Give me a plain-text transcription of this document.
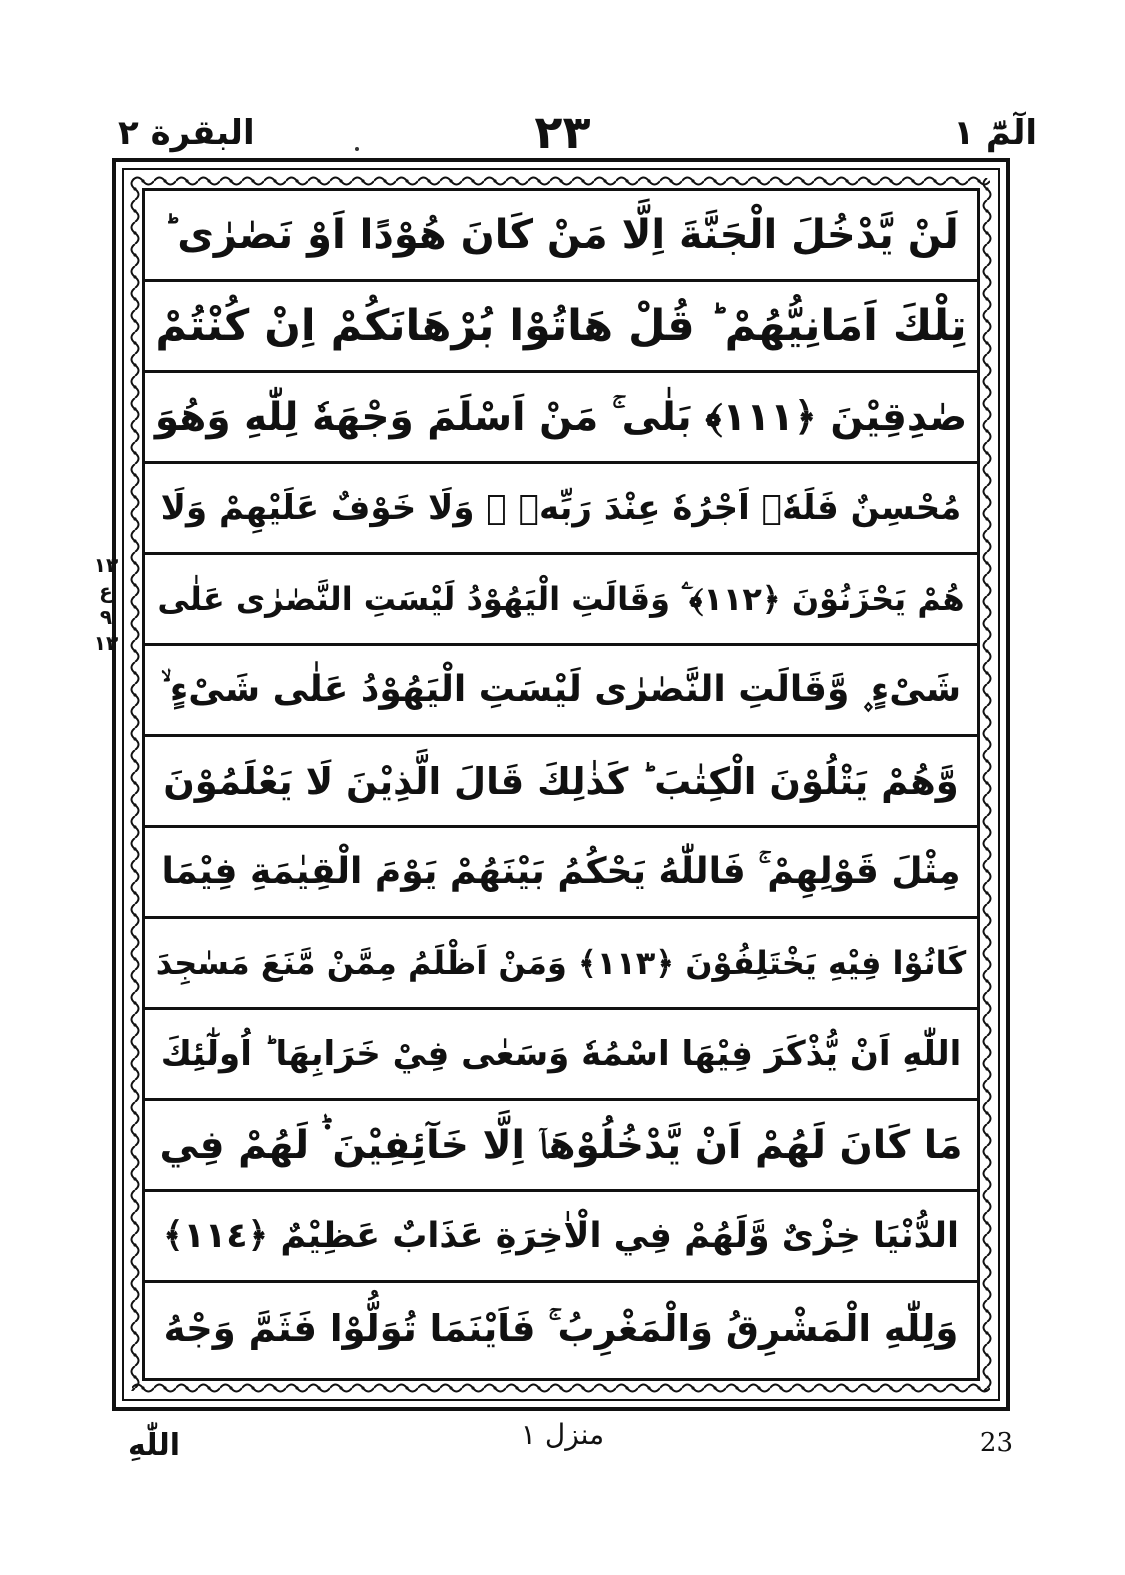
البقرة ٢	٢٣	الٓمّٓ ١
لَنْ يَّدْخُلَ الْجَنَّةَ اِلَّا مَنْ كَانَ هُوْدًا اَوْ نَصٰرٰى ؕ
تِلْكَ اَمَانِيُّهُمْ ؕ قُلْ هَاتُوْا بُرْهَانَكُمْ اِنْ كُنْتُمْ
صٰدِقِيْنَ ﴿١١١﴾ بَلٰى ۚ مَنْ اَسْلَمَ وَجْهَهٗ لِلّٰهِ وَهُوَ
مُحْسِنٌ فَلَهٗۤ اَجْرُهٗ عِنْدَ رَبِّهٖ ۪ وَلَا خَوْفٌ عَلَيْهِمْ وَلَا
هُمْ يَحْزَنُوْنَ ﴿١١٢﴾ ۧ وَقَالَتِ الْيَهُوْدُ لَيْسَتِ النَّصٰرٰى عَلٰى
شَیْءٍ ۪ وَّقَالَتِ النَّصٰرٰى لَيْسَتِ الْيَهُوْدُ عَلٰى شَیْءٍ ۙ
وَّهُمْ يَتْلُوْنَ الْكِتٰبَ ؕ كَذٰلِكَ قَالَ الَّذِيْنَ لَا يَعْلَمُوْنَ
مِثْلَ قَوْلِهِمْ ۚ فَاللّٰهُ يَحْكُمُ بَيْنَهُمْ يَوْمَ الْقِيٰمَةِ فِيْمَا
كَانُوْا فِيْهِ يَخْتَلِفُوْنَ ﴿١١٣﴾ وَمَنْ اَظْلَمُ مِمَّنْ مَّنَعَ مَسٰجِدَ
اللّٰهِ اَنْ يُّذْكَرَ فِيْهَا اسْمُهٗ وَسَعٰى فِيْ خَرَابِهَا ؕ اُولٰٓئِكَ
مَا كَانَ لَهُمْ اَنْ يَّدْخُلُوْهَاۤ اِلَّا خَآئِفِيْنَ ۬ؕ لَهُمْ فِي
الدُّنْيَا خِزْیٌ وَّلَهُمْ فِي الْاٰخِرَةِ عَذَابٌ عَظِيْمٌ ﴿١١٤﴾
وَلِلّٰهِ الْمَشْرِقُ وَالْمَغْرِبُ ۚ فَاَيْنَمَا تُوَلُّوْا فَثَمَّ وَجْهُ
١٣
ع
٩
١٣
اللّٰهِ	منزل ١	23
